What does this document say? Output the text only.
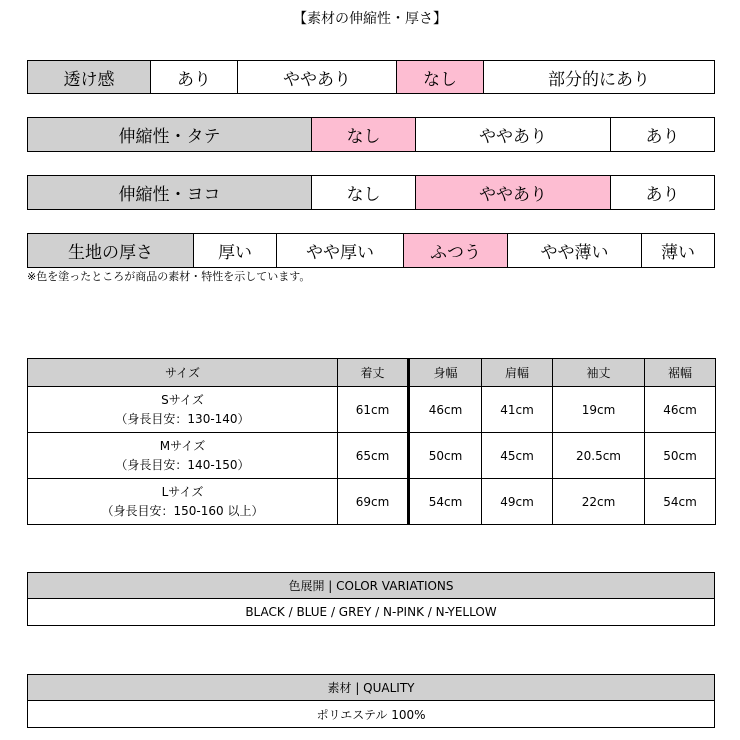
【素材の伸縮性・厚さ】
透け感	あり	ややあり	なし	部分的にあり
伸縮性・タテ	なし	ややあり	あり
伸縮性・ヨコ	なし	ややあり	あり
生地の厚さ	厚い	やや厚い	ふつう	やや薄い	薄い
※色を塗ったところが商品の素材・特性を示しています。
サイズ	着丈	身幅	肩幅	袖丈	裾幅

Sサイズ
（身長目安：130-140）	61cm	46cm	41cm	19cm	46cm

Mサイズ
（身長目安：140-150）	65cm	50cm	45cm	20.5cm	50cm

Lサイズ
（身長目安：150-160 以上）	69cm	54cm	49cm	22cm	54cm
色展開 | COLOR VARIATIONS
BLACK / BLUE / GREY / N-PINK / N-YELLOW
素材 | QUALITY
ポリエステル 100%
